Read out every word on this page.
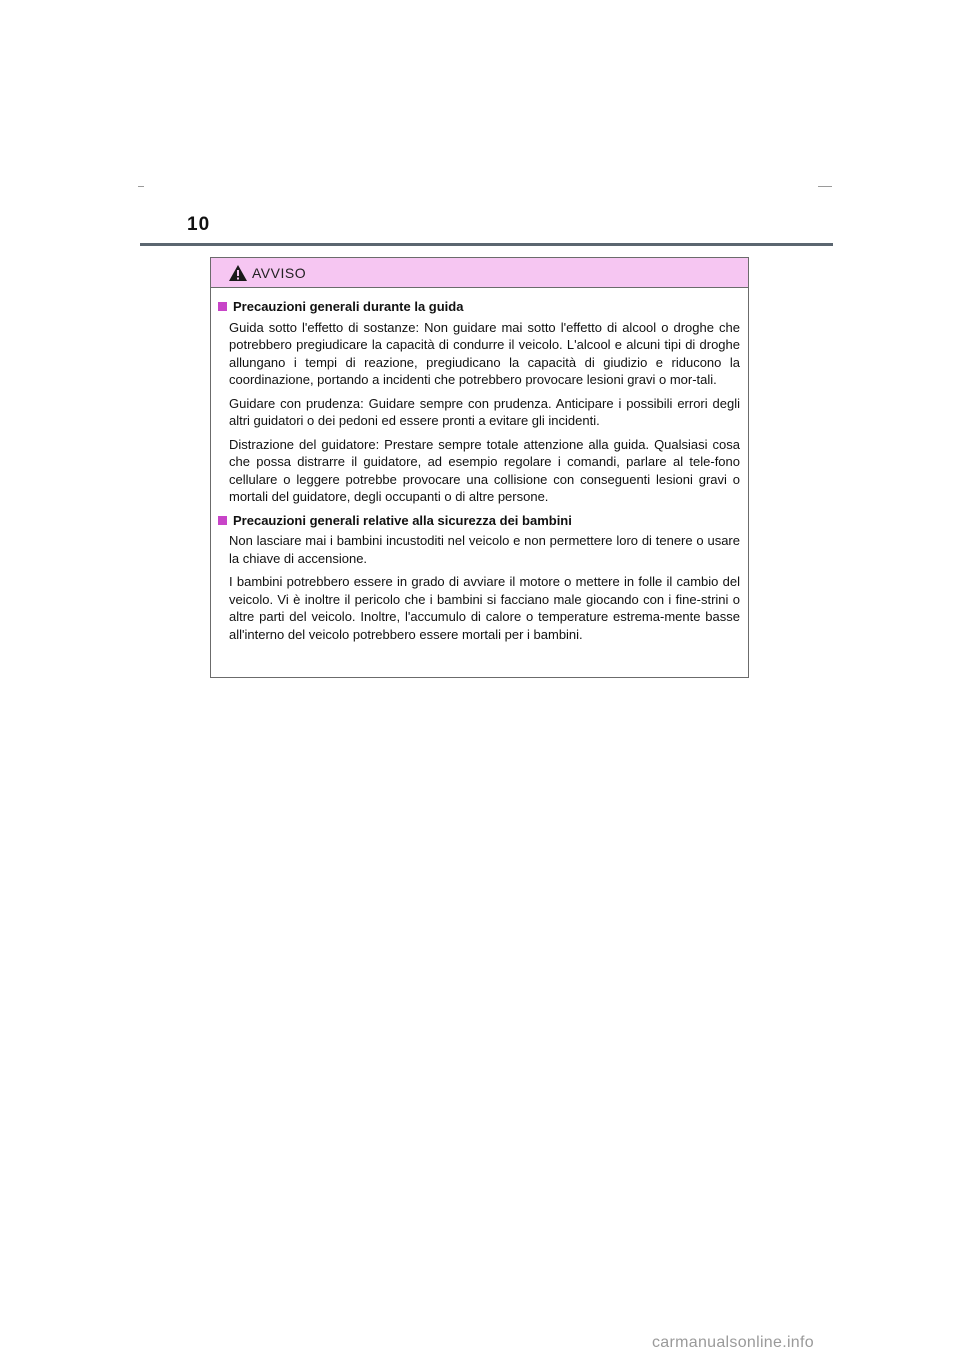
10
AVVISO
Precauzioni generali durante la guida

Guida sotto l'effetto di sostanze: Non guidare mai sotto l'effetto di alcool o droghe che potrebbero pregiudicare la capacità di condurre il veicolo. L'alcool e alcuni tipi di droghe allungano i tempi di reazione, pregiudicano la capacità di giudizio e riducono la coordinazione, portando a incidenti che potrebbero provocare lesioni gravi o mor-tali.

Guidare con prudenza: Guidare sempre con prudenza. Anticipare i possibili errori degli altri guidatori o dei pedoni ed essere pronti a evitare gli incidenti.

Distrazione del guidatore: Prestare sempre totale attenzione alla guida. Qualsiasi cosa che possa distrarre il guidatore, ad esempio regolare i comandi, parlare al tele-fono cellulare o leggere potrebbe provocare una collisione con conseguenti lesioni gravi o mortali del guidatore, degli occupanti o di altre persone.

Precauzioni generali relative alla sicurezza dei bambini

Non lasciare mai i bambini incustoditi nel veicolo e non permettere loro di tenere o usare la chiave di accensione.

I bambini potrebbero essere in grado di avviare il motore o mettere in folle il cambio del veicolo. Vi è inoltre il pericolo che i bambini si facciano male giocando con i fine-strini o altre parti del veicolo. Inoltre, l'accumulo di calore o temperature estrema-mente basse all'interno del veicolo potrebbero essere mortali per i bambini.

carmanualsonline.info
